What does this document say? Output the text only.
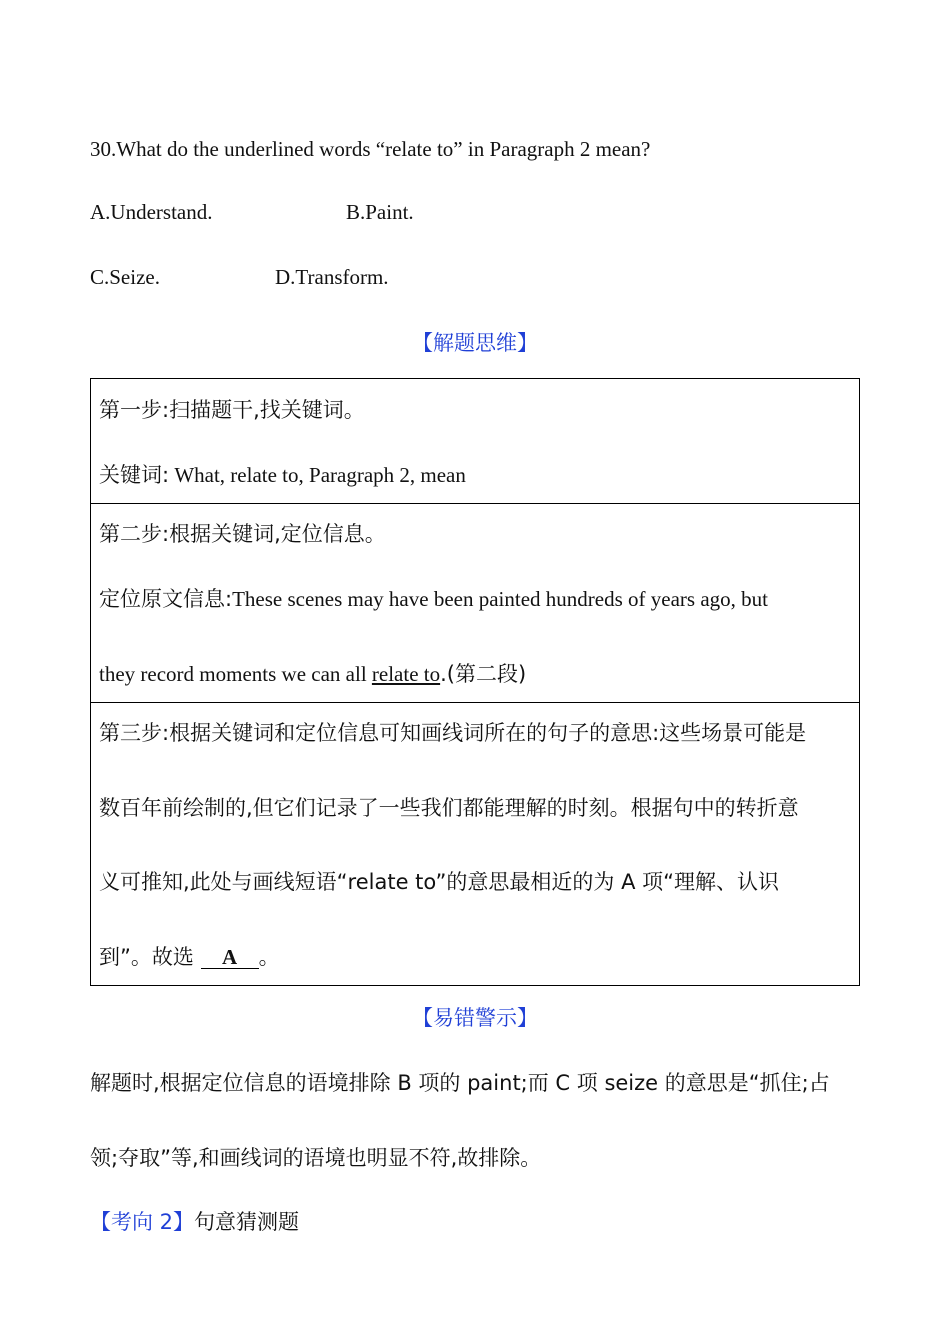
30.What do the underlined words “relate to” in Paragraph 2 mean?
A.Understand.	B.Paint.
C.Seize.	D.Transform.
【解题思维】
第一步:扫描题干,找关键词。
关键词: What, relate to, Paragraph 2, mean

第二步:根据关键词,定位信息。
定位原文信息:These scenes may have been painted hundreds of years ago, but
they record moments we can all relate to.(第二段)

第三步:根据关键词和定位信息可知画线词所在的句子的意思:这些场景可能是
数百年前绘制的,但它们记录了一些我们都能理解的时刻。根据句中的转折意
义可推知,此处与画线短语“relate to”的意思最相近的为 A 项“理解、认识
到”。故选 A 。
【易错警示】
解题时,根据定位信息的语境排除 B 项的 paint;而 C 项 seize 的意思是“抓住;占
领;夺取”等,和画线词的语境也明显不符,故排除。
【考向 2】句意猜测题
